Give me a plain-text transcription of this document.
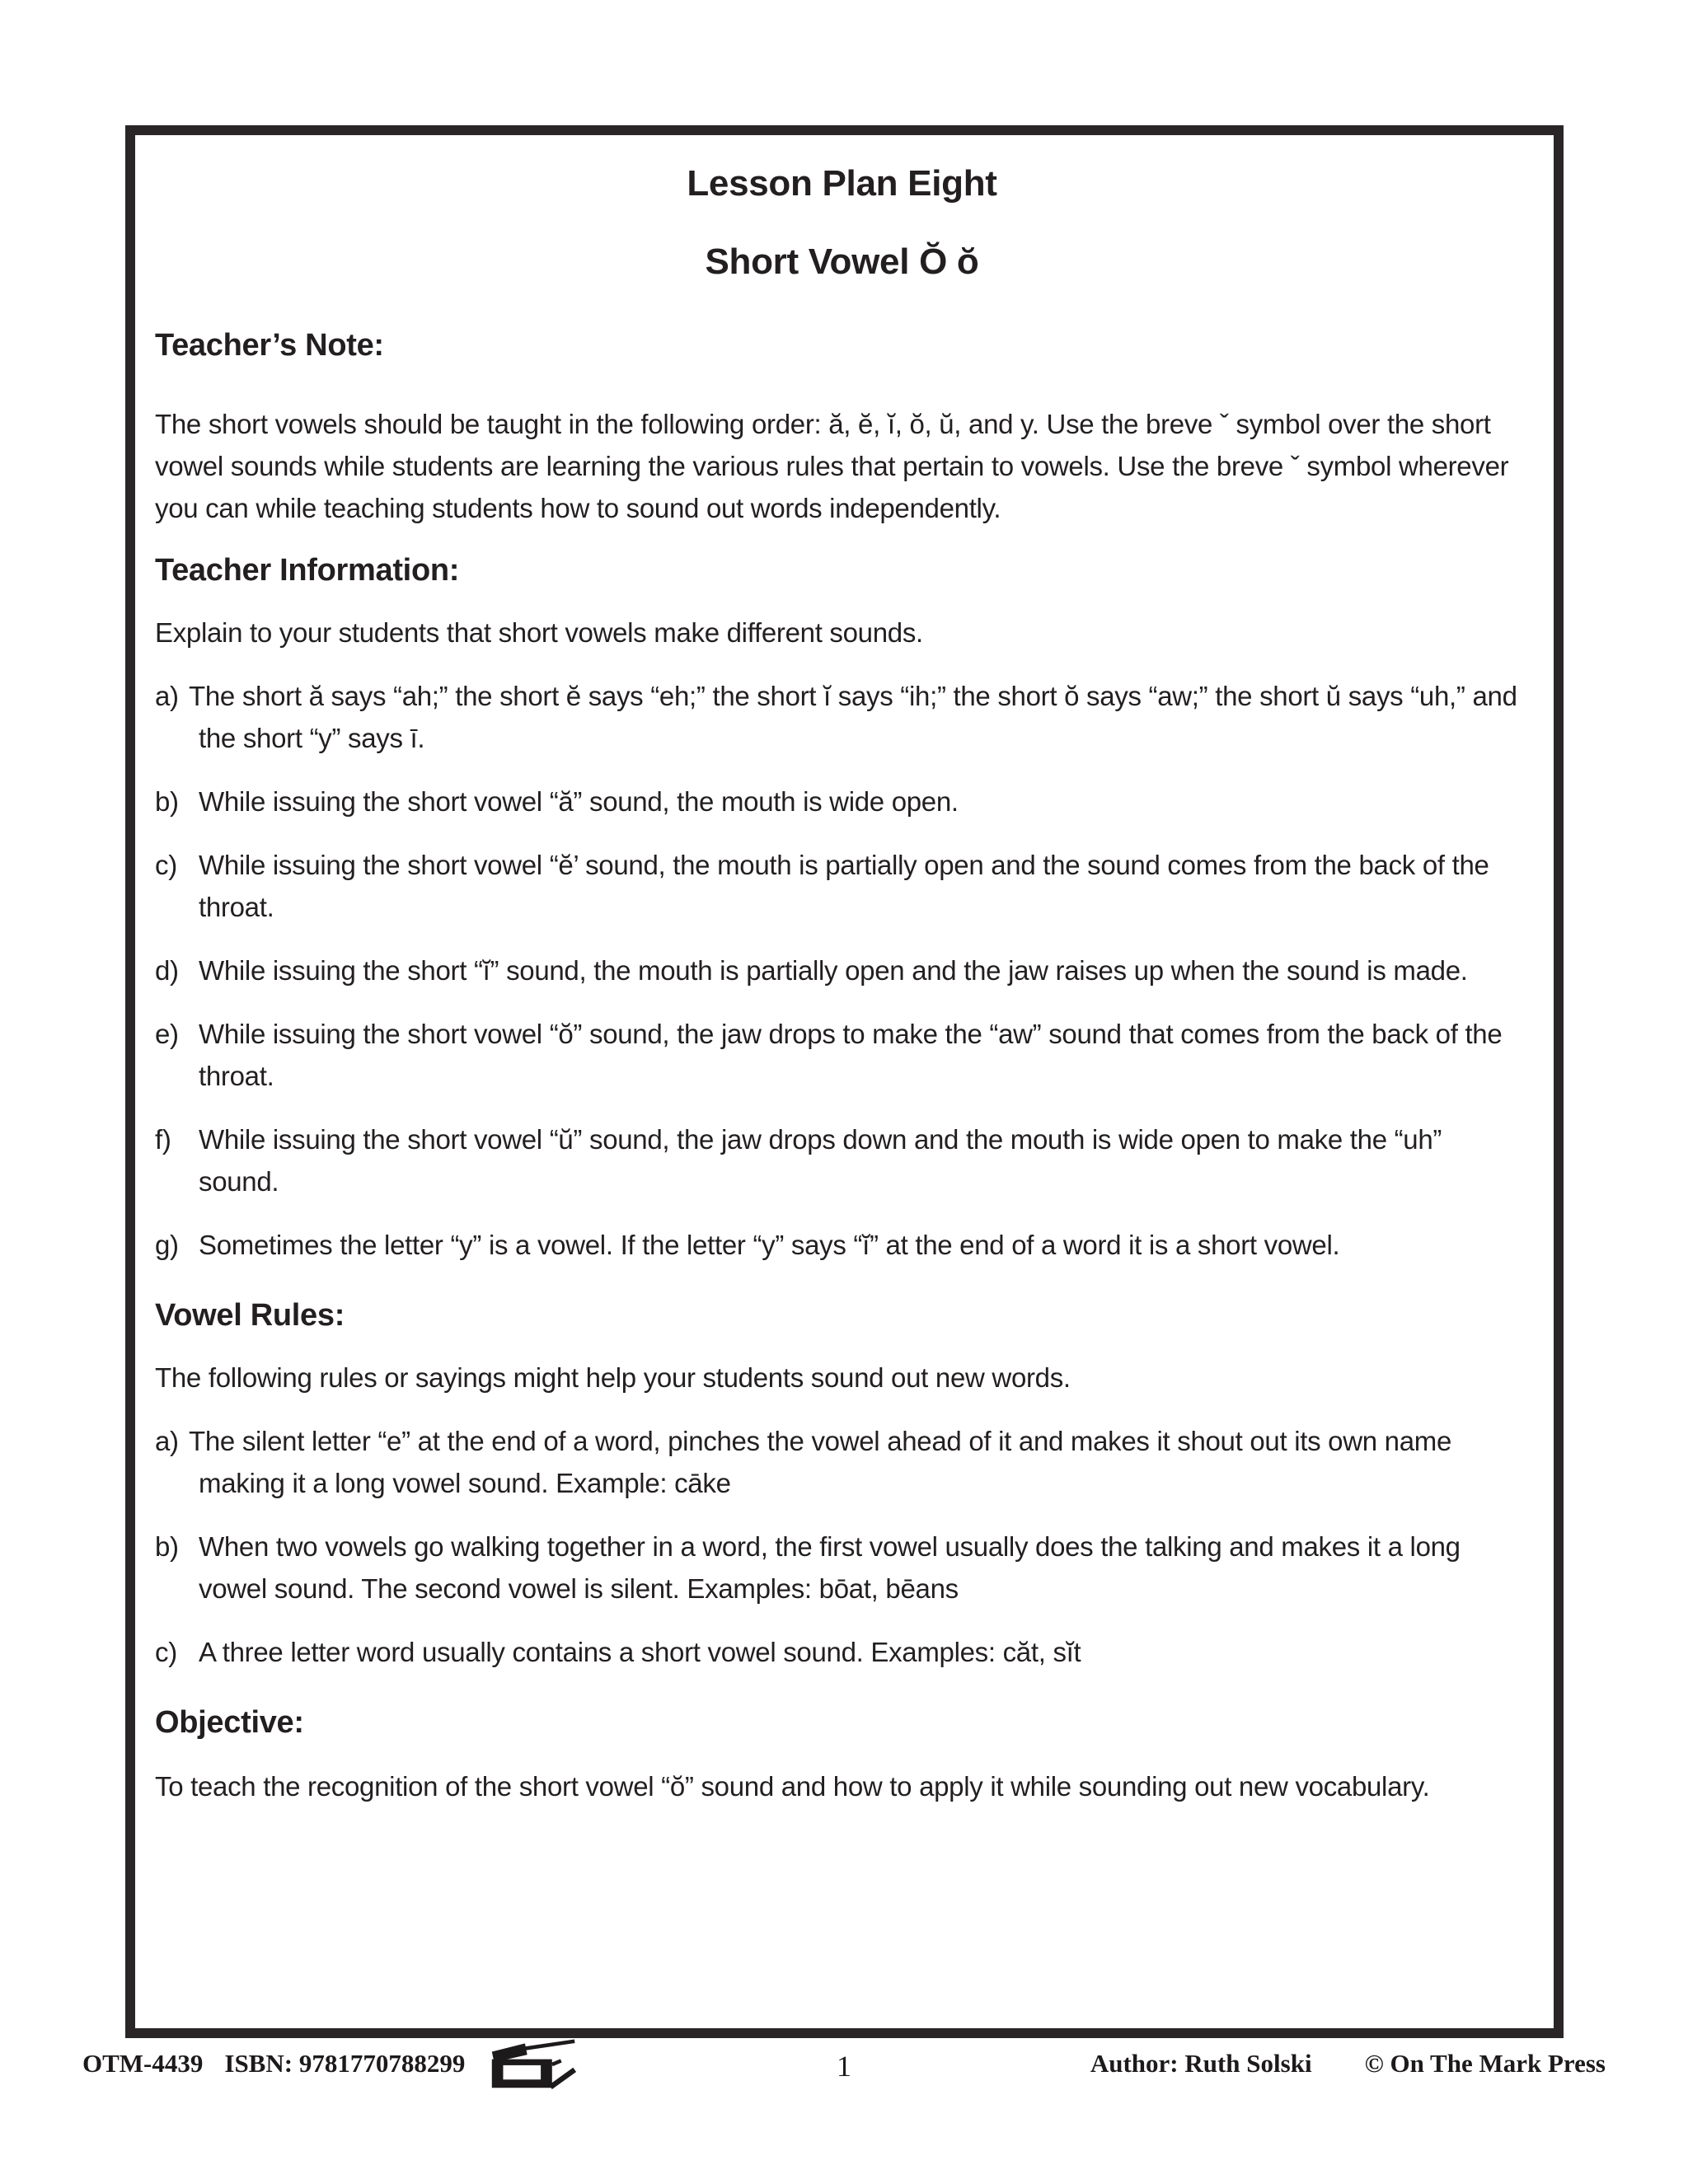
Lesson Plan Eight
Short Vowel Ŏ ŏ
Teacher’s Note:

The short vowels should be taught in the following order: ă, ĕ, ĭ, ŏ, ŭ, and y. Use the breve ˇ symbol over the short vowel sounds while students are learning the various rules that pertain to vowels. Use the breve ˇ symbol wherever you can while teaching students how to sound out words independently.

Teacher Information:

Explain to your students that short vowels make different sounds.

a) The short ă says “ah;” the short ĕ says “eh;” the short ĭ says “ih;” the short ŏ says “aw;” the short ŭ says “uh,” and the short “y” says ī.
b) While issuing the short vowel “ă” sound, the mouth is wide open.
c) While issuing the short vowel “ĕ’ sound, the mouth is partially open and the sound comes from the back of the throat.
d) While issuing the short “ĭ” sound, the mouth is partially open and the jaw raises up when the sound is made.
e) While issuing the short vowel “ŏ” sound, the jaw drops to make the “aw” sound that comes from the back of the throat.
f) While issuing the short vowel “ŭ” sound, the jaw drops down and the mouth is wide open to make the “uh” sound.
g) Sometimes the letter “y” is a vowel. If the letter “y” says “ĭ” at the end of a word it is a short vowel.
Vowel Rules:

The following rules or sayings might help your students sound out new words.

a) The silent letter “e” at the end of a word, pinches the vowel ahead of it and makes it shout out its own name making it a long vowel sound. Example: cāke
b) When two vowels go walking together in a word, the first vowel usually does the talking and makes it a long vowel sound. The second vowel is silent. Examples: bōat, bēans
c) A three letter word usually contains a short vowel sound. Examples: căt, sĭt
Objective:

To teach the recognition of the short vowel “ŏ” sound and how to apply it while sounding out new vocabulary.

OTM-4439 ISBN: 9781770788299	1	Author: Ruth Solski © On The Mark Press
